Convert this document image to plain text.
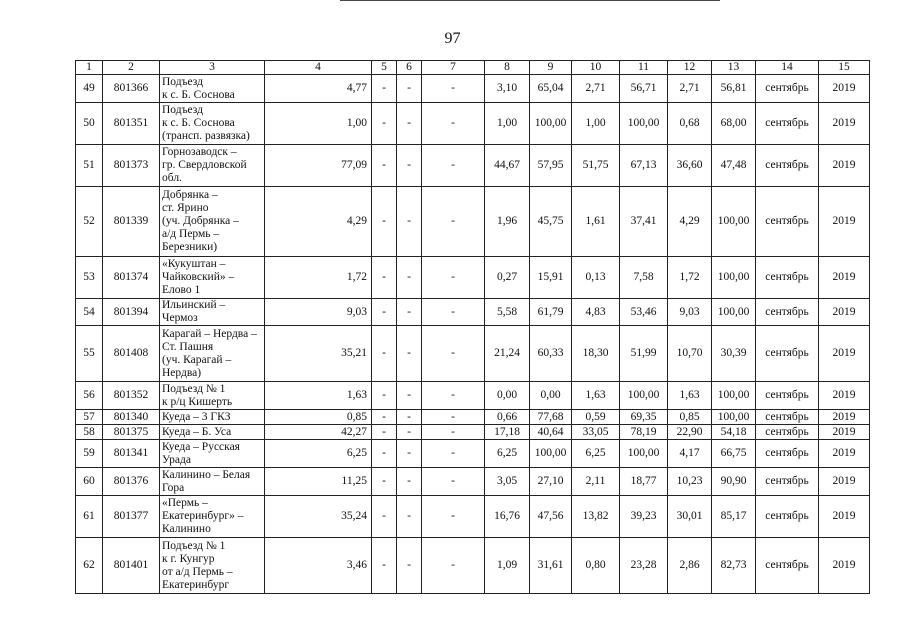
97
1	2	3	4	5	6	7	8	9	10	11	12	13	14	15
49	801366	Подъезд
к с. Б. Соснова	4,77	-	-	-	3,10	65,04	2,71	56,71	2,71	56,81	сентябрь	2019
50	801351	Подъезд
к с. Б. Соснова
(трансп. развязка)	1,00	-	-	-	1,00	100,00	1,00	100,00	0,68	68,00	сентябрь	2019
51	801373	Горнозаводск –
гр. Свердловской
обл.	77,09	-	-	-	44,67	57,95	51,75	67,13	36,60	47,48	сентябрь	2019
52	801339	Добрянка –
ст. Ярино
(уч. Добрянка –
а/д Пермь –
Березники)	4,29	-	-	-	1,96	45,75	1,61	37,41	4,29	100,00	сентябрь	2019
53	801374	«Кукуштан –
Чайковский» –
Елово 1	1,72	-	-	-	0,27	15,91	0,13	7,58	1,72	100,00	сентябрь	2019
54	801394	Ильинский – Чермоз	9,03	-	-	-	5,58	61,79	4,83	53,46	9,03	100,00	сентябрь	2019
55	801408	Карагай – Нердва –
Ст. Пашня
(уч. Карагай –
Нердва)	35,21	-	-	-	21,24	60,33	18,30	51,99	10,70	30,39	сентябрь	2019
56	801352	Подъезд № 1
к р/ц Кишерть	1,63	-	-	-	0,00	0,00	1,63	100,00	1,63	100,00	сентябрь	2019
57	801340	Куеда – 3 ГКЗ	0,85	-	-	-	0,66	77,68	0,59	69,35	0,85	100,00	сентябрь	2019
58	801375	Куеда – Б. Уса	42,27	-	-	-	17,18	40,64	33,05	78,19	22,90	54,18	сентябрь	2019
59	801341	Куеда – Русская
Урада	6,25	-	-	-	6,25	100,00	6,25	100,00	4,17	66,75	сентябрь	2019
60	801376	Калинино – Белая
Гора	11,25	-	-	-	3,05	27,10	2,11	18,77	10,23	90,90	сентябрь	2019
61	801377	«Пермь –
Екатеринбург» –
Калинино	35,24	-	-	-	16,76	47,56	13,82	39,23	30,01	85,17	сентябрь	2019
62	801401	Подъезд № 1
к г. Кунгур
от а/д Пермь –
Екатеринбург	3,46	-	-	-	1,09	31,61	0,80	23,28	2,86	82,73	сентябрь	2019
